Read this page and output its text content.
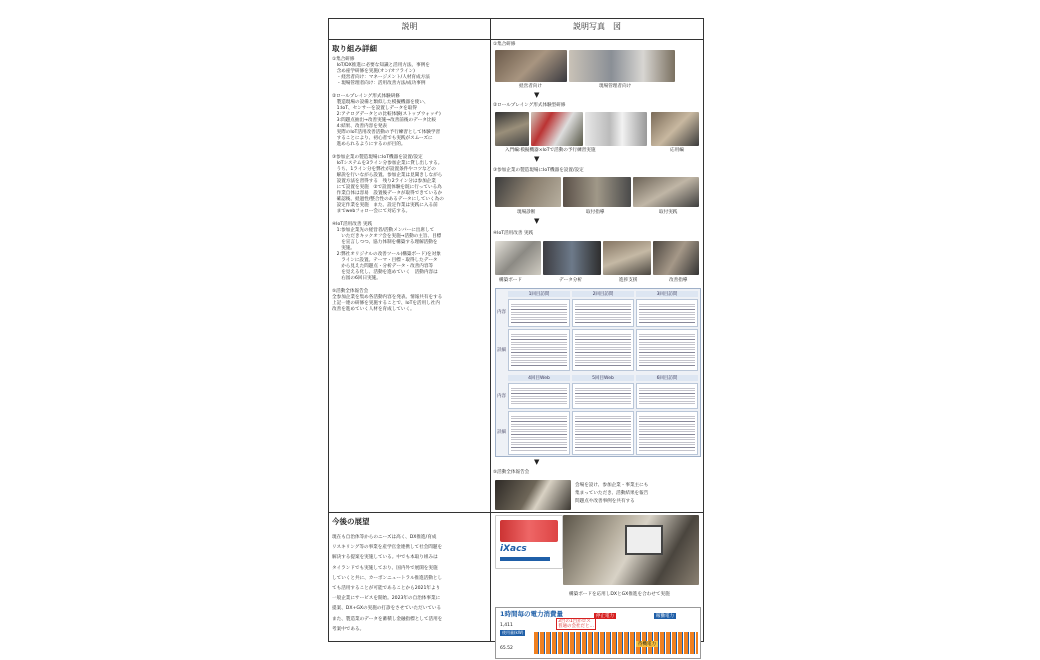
説明	説明写真　図
取り組み詳細
①集合研修
　IoT/DX推進に必要な知識と活用方法、事例を
　含め座学研修を実施(オン/オフライン)
　・経営者向け：マネージメント/人材育成方法
　・現場管理者向け：活用改善方法/成功事例

②ロールプレイング形式体験研修
　製造現場の設備と類似した模擬機器を使い、
　1:IoT、センサーを設置しデータを取得
　2:アナログデータとの比較体験(ストップウォッチ)
　3:問題点抽出→改善実施→改善前後のデータ比較
　4:結果、改善内容を発表
　実際のIoT活用改善活動の予行練習として体験学習
　することにより、初心者でも実践がスムーズに
　進められるようにするのが目的。

③参加企業の製造現場にIoT機器を設置/設定
　IoTシステムを3ライン分参加企業に貸し出しする。
　うち、1ライン分を弊社が設置条件やコツなどの
　解説を行いながら設置。参加企業は見聞きしながら
　設置方法を習得する　残り2ライン分は参加企業
　にて設置を実施　②で設置体験を既に行っている為
　作業自体は容易　設置後データが取得できているか
　確認後、経過性/整合性のあるデータにしていく為の
　設定作業を実施　また、設定作業は実践に入る前
　までwebフォロー会にて対応する。

④IoT活用改善 実践
　1:参加企業先の経営者/活動メンバーに出席して
　　いただきキックオフ会を実施→活動の主旨、目標
　　を宣言しつつ、協力体制を構築する理解活動を
　　実施。
　2:弊社オリジナルの改善ツール(構築ボード)を対象
　　ラインに設置。テーマ・目標・取得したデータ
　　から見えた問題点・分析データ・改善内容等
　　を見える化し、活動を進めていく　活動内容は
　　右図の6回日実施。

⑤活動全体報告会
全参加企業を集め各活動内容を発表。情報共有をする
上記一連の研修を実施することで、IoTを活用し社内
改善を進めていく人材を育成していく。
今後の展望
現在も自治体等からのニーズは高く、DX推進/育成
リスキリング等の事業を産学官金連携して社会問題を
解決する提案を実施している。中でも本取り組みは
タイランドでも実施しており、国内外で展開を実施
していくと共に、カーボンニュートラル推進活動とし
ても活用することが可能であることから2021年より
一般企業にサービスを開始。2023年の自治体事業に
提案、DX+GXの実施の打診をさせていただいている
また、製造業のデータを蓄積し金融指標として活用を
考案中である。
①集合研修
経営者向け	現場管理者向け
▼
②ロールプレイング形式体験型研修
入門編:模擬機器×IoTで活動の予行練習実施	応用編
▼
③参加企業の製造現場にIoT機器を設置/設定
現場診断	取付指導	取付実践
▼
④IoT活用改善 実践
構築ボード	データ分析	進捗支援	改善指導
1回目訪問	2回目訪問	3回目訪問
内容
詳細
4回目Web	5回目Web	6回目訪問
内容
詳細
▼
⑤活動全体報告会
会場を設け、参加企業・事業主にも
集まっていただき、活動結果を報告
問題点や改善事例を共有する
iXacs
構築ボードを応用しDXとGX推進を合わせて実施
1時間毎の電力消費量
1,411
使用量(kW)
65.52
3台の1台がロス
普通の会社だと…
停止電力	稼働電力
待機電力
